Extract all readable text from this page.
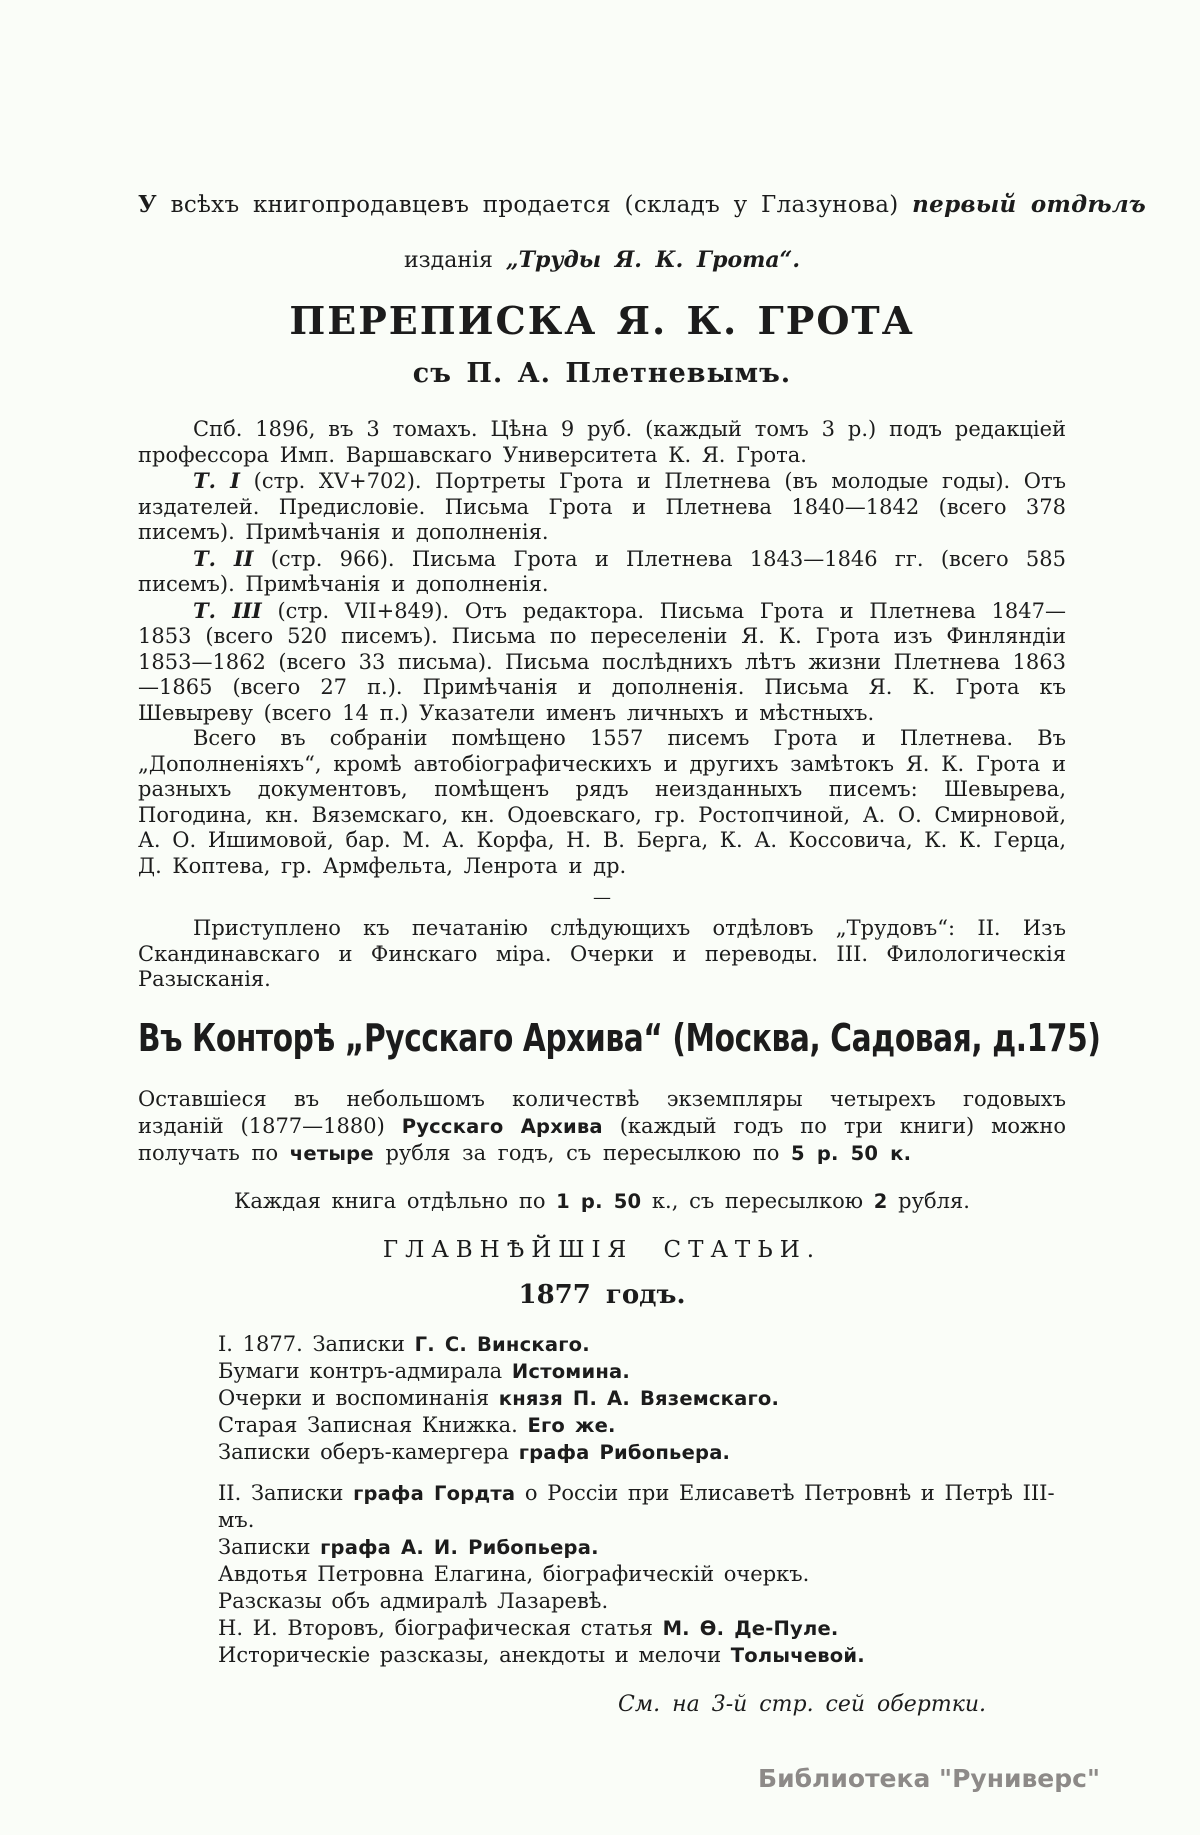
У всѣхъ книгопродавцевъ продается (складъ у Глазунова) первый отдѣлъ
изданія „Труды Я. К. Грота“.
ПЕРЕПИСКА Я. К. ГРОТА
съ П. А. Плетневымъ.

Спб. 1896, въ 3 томахъ. Цѣна 9 руб. (каждый томъ 3 р.) подъ редакціей профессора Имп. Варшавскаго Университета К. Я. Грота.

Т. I (стр. XV+702). Портреты Грота и Плетнева (въ молодые годы). Отъ издателей. Предисловіе. Письма Грота и Плетнева 1840—1842 (всего 378 писемъ). Примѣчанія и дополненія.

Т. II (стр. 966). Письма Грота и Плетнева 1843—1846 гг. (всего 585 писемъ). Примѣчанія и дополненія.

Т. III (стр. VII+849). Отъ редактора. Письма Грота и Плетнева 1847—1853 (всего 520 писемъ). Письма по переселеніи Я. К. Грота изъ Финляндіи 1853—1862 (всего 33 письма). Письма послѣднихъ лѣтъ жизни Плетнева 1863—1865 (всего 27 п.). Примѣчанія и дополненія. Письма Я. К. Грота къ Шевыреву (всего 14 п.) Указатели именъ личныхъ и мѣстныхъ.

Всего въ собраніи помѣщено 1557 писемъ Грота и Плетнева. Въ „Дополненіяхъ“, кромѣ автобіографическихъ и другихъ замѣтокъ Я. К. Грота и разныхъ документовъ, помѣщенъ рядъ неизданныхъ писемъ: Шевырева, Погодина, кн. Вяземскаго, кн. Одоевскаго, гр. Ростопчиной, А. О. Смирновой, А. О. Ишимовой, бар. М. А. Корфа, Н. В. Берга, К. А. Коссовича, К. К. Герца, Д. Коптева, гр. Армфельта, Ленрота и др.

—

Приступлено къ печатанію слѣдующихъ отдѣловъ „Трудовъ“: II. Изъ Скандинавскаго и Финскаго міра. Очерки и переводы. III. Филологическія Разысканія.

Въ Конторѣ „Русскаго Архива“ (Москва, Садовая, д.175)

Оставшіеся въ небольшомъ количествѣ экземпляры четырехъ годовыхъ изданій (1877—1880) Русскаго Архива (каждый годъ по три книги) можно получать по четыре рубля за годъ, съ пересылкою по 5 р. 50 к.

Каждая книга отдѣльно по 1 р. 50 к., съ пересылкою 2 рубля.

ГЛАВНѢЙШІЯ СТАТЬИ.
1877 годъ.

I. 1877. Записки Г. С. Винскаго.

Бумаги контръ-адмирала Истомина.

Очерки и воспоминанія князя П. А. Вяземскаго.

Старая Записная Книжка. Его же.

Записки оберъ-камергера графа Рибопьера.

II. Записки графа Гордта о Россіи при Елисаветѣ Петровнѣ и Петрѣ III-мъ.

Записки графа А. И. Рибопьера.

Авдотья Петровна Елагина, біографическій очеркъ.

Разсказы объ адмиралѣ Лазаревѣ.

Н. И. Второвъ, біографическая статья М. Ѳ. Де-Пуле.

Историческіе разсказы, анекдоты и мелочи Толычевой.

См. на 3-й стр. сей обертки.
Библиотека "Руниверс"
